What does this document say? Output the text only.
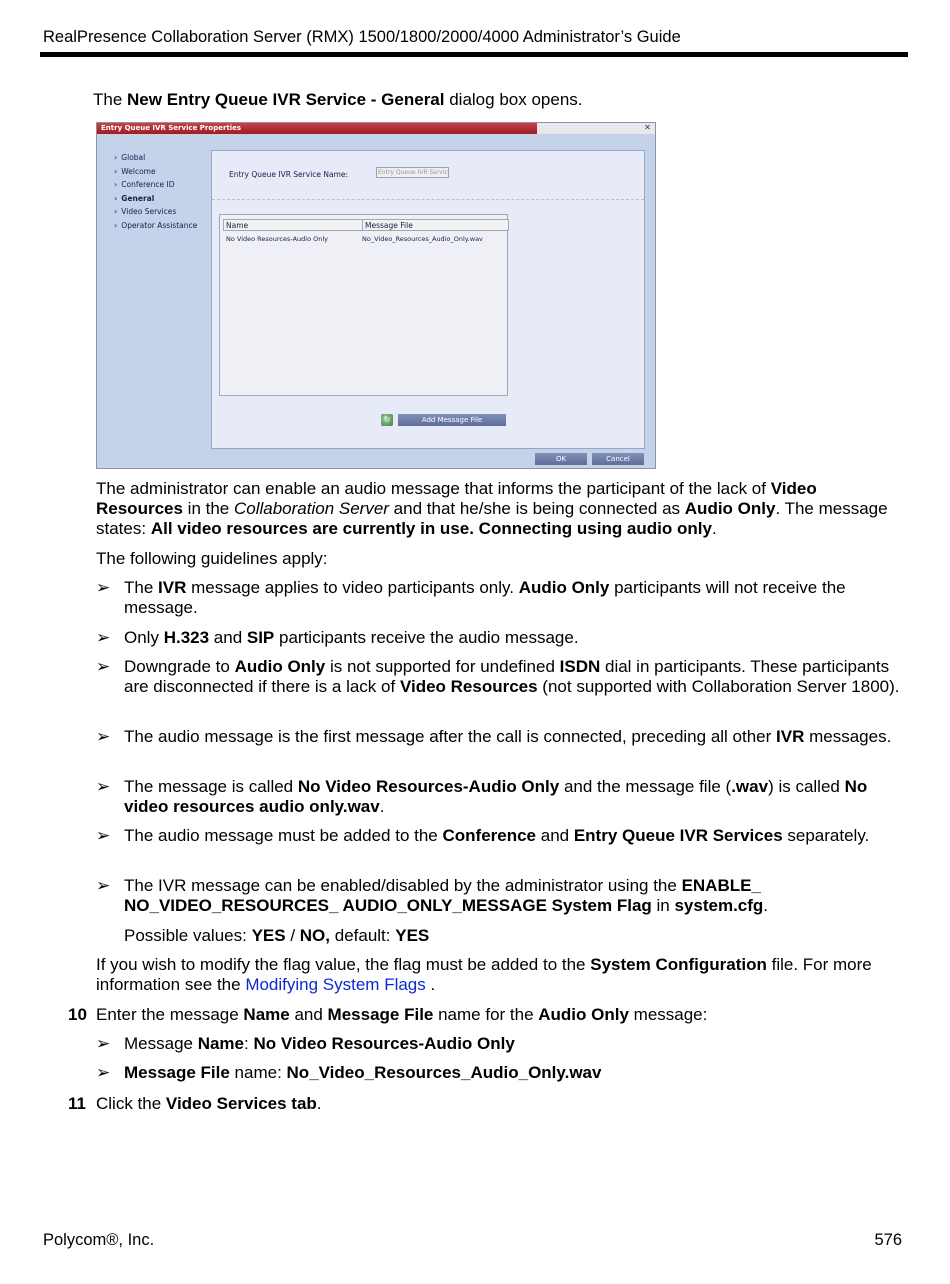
RealPresence Collaboration Server (RMX) 1500/1800/2000/4000 Administrator’s Guide
The New Entry Queue IVR Service - General dialog box opens.
Entry Queue IVR Service Properties	✕
› Global
› Welcome
› Conference ID
› General
› Video Services
› Operator Assistance
Entry Queue IVR Service Name:	Entry Queue IVR Servic
Name	Message File
No Video Resources-Audio Only	No_Video_Resources_Audio_Only.wav
↻	Add Message File
OK	Cancel
The administrator can enable an audio message that informs the participant of the lack of Video Resources in the Collaboration Server and that he/she is being connected as Audio Only. The message states: All video resources are currently in use. Connecting using audio only.
The following guidelines apply:
➢ The IVR message applies to video participants only. Audio Only participants will not receive the message.
➢ Only H.323 and SIP participants receive the audio message.
➢ Downgrade to Audio Only is not supported for undefined ISDN dial in participants. These participants are disconnected if there is a lack of Video Resources (not supported with Collaboration Server 1800).
➢ The audio message is the first message after the call is connected, preceding all other IVR messages.
➢ The message is called No Video Resources-Audio Only and the message file (.wav) is called No video resources audio only.wav.
➢ The audio message must be added to the Conference and Entry Queue IVR Services separately.
➢ The IVR message can be enabled/disabled by the administrator using the ENABLE_ NO_VIDEO_RESOURCES_ AUDIO_ONLY_MESSAGE System Flag in system.cfg.
Possible values: YES / NO, default: YES
If you wish to modify the flag value, the flag must be added to the System Configuration file. For more information see the Modifying System Flags .
10 Enter the message Name and Message File name for the Audio Only message:
➢ Message Name: No Video Resources-Audio Only
➢ Message File name: No_Video_Resources_Audio_Only.wav
11 Click the Video Services tab.
Polycom®, Inc.	576
